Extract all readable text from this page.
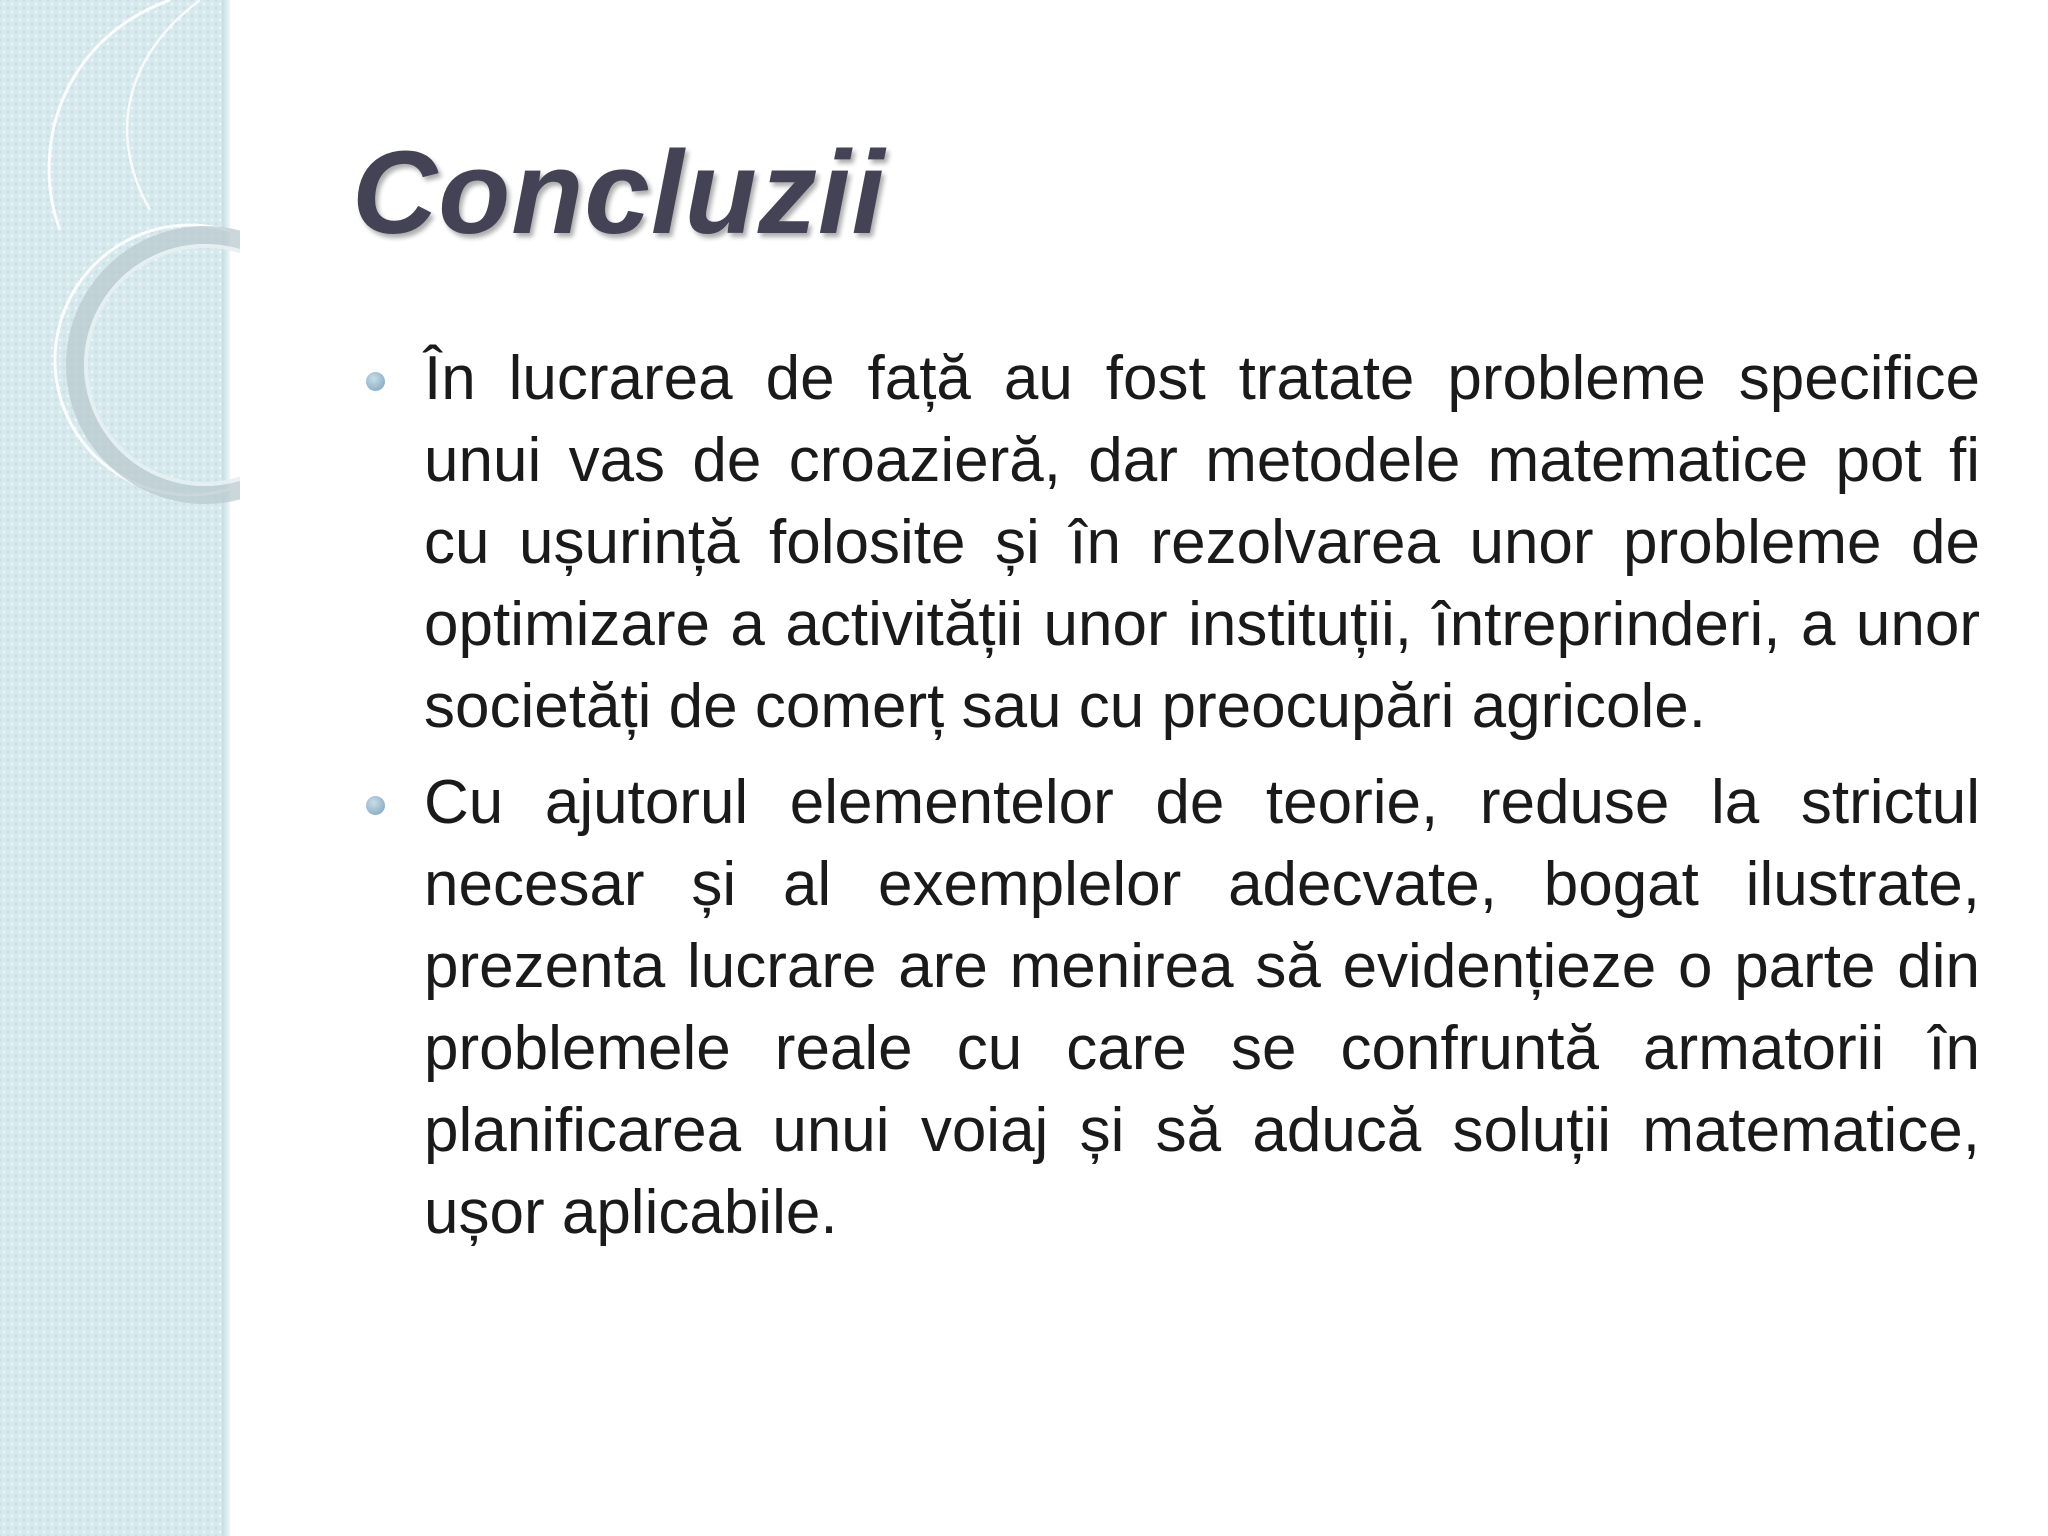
Concluzii
În lucrarea de față au fost tratate probleme specifice unui vas de croazieră, dar metodele matematice pot fi cu ușurință folosite și în rezolvarea unor probleme de optimizare a activității unor instituții, întreprinderi, a unor societăți de comerț sau cu preocupări agricole.
Cu ajutorul elementelor de teorie, reduse la strictul necesar și al exemplelor adecvate, bogat ilustrate, prezenta lucrare are menirea să evidențieze o parte din problemele reale cu care se confruntă armatorii în planificarea unui voiaj și să aducă soluții matematice, ușor aplicabile.
